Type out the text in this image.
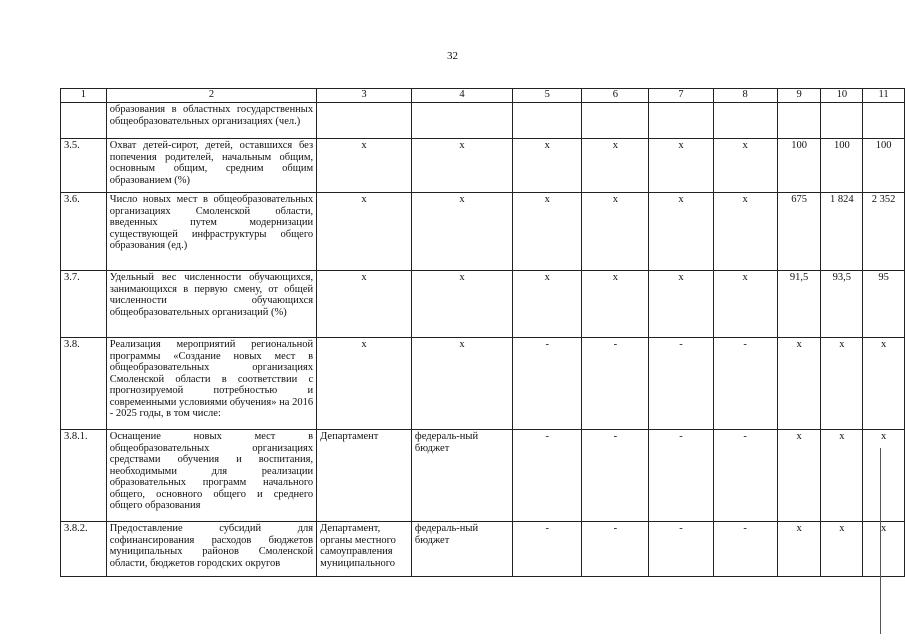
32
1	2	3	4	5	6	7	8	9	10	11
	образования в областных государственных общеобразовательных организациях (чел.)									
3.5.	Охват детей-сирот, детей, оставшихся без попечения родителей, начальным общим, основным общим, средним общим образованием (%)	х	х	х	х	х	х	100	100	100
3.6.	Число новых мест в общеобразовательных организациях Смоленской области, введенных путем модернизации существующей инфраструктуры общего образования (ед.)	х	х	х	х	х	х	675	1 824	2 352
3.7.	Удельный вес численности обучающихся, занимающихся в первую смену, от общей численности обучающихся общеобразовательных организаций (%)	х	х	х	х	х	х	91,5	93,5	95
3.8.	Реализация мероприятий региональной программы «Создание новых мест в общеобразовательных организациях Смоленской области в соответствии с прогнозируемой потребностью и современными условиями обучения» на 2016 - 2025 годы, в том числе:	х	х	-	-	-	-	х	х	х
3.8.1.	Оснащение новых мест в общеобразовательных организациях средствами обучения и воспитания, необходимыми для реализации образовательных программ начального общего, основного общего и среднего общего образования	Департамент	федераль-ный бюджет	-	-	-	-	х	х	х
3.8.2.	Предоставление субсидий для софинансирования расходов бюджетов муниципальных районов Смоленской области, бюджетов городских округов	Департамент, органы местного самоуправления муниципального	федераль-ный бюджет	-	-	-	-	х	х	х
